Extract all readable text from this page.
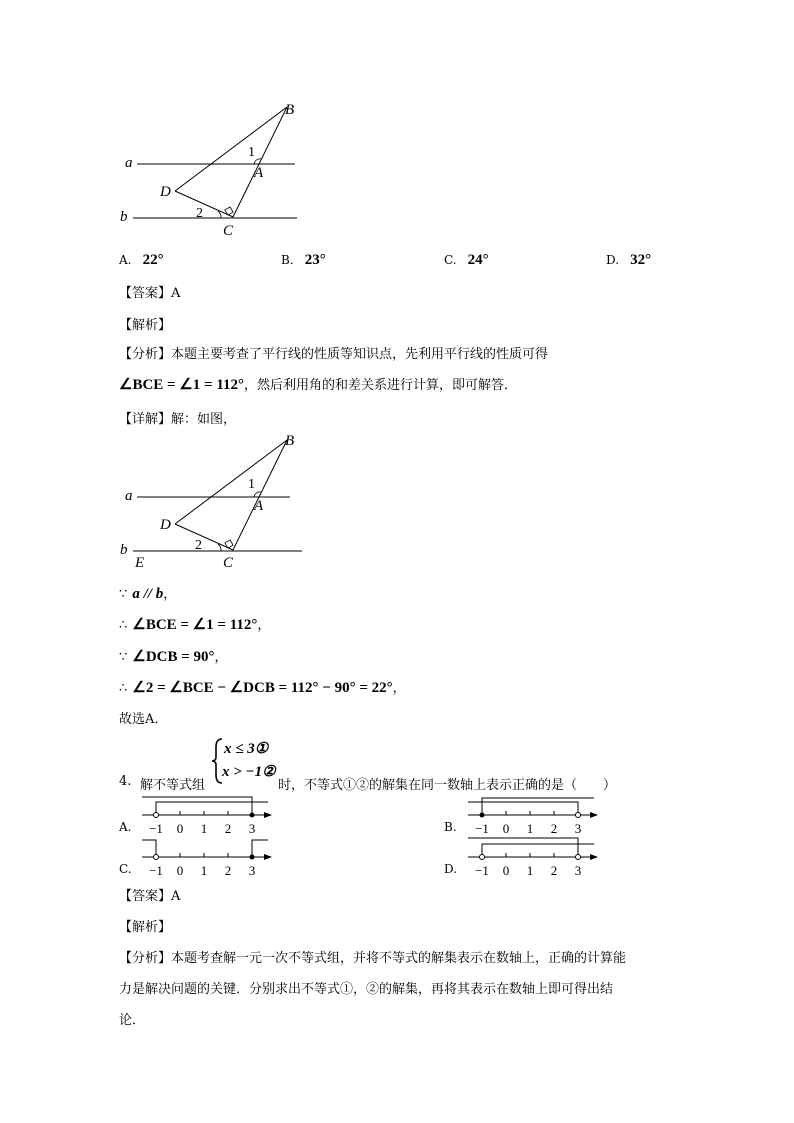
a
b
B
D
A
C
1
2
A. 22°	B. 23°	C. 24°	D. 32°
【答案】A
【解析】
【分析】本题主要考查了平行线的性质等知识点，先利用平行线的性质可得
∠BCE = ∠1 = 112°，然后利用角的和差关系进行计算，即可解答．
【详解】解：如图，
a
b
E
B
D
A
C
1
2
∵ a // b，
∴ ∠BCE = ∠1 = 112°，
∵ ∠DCB = 90°，
∴ ∠2 = ∠BCE − ∠DCB = 112° − 90° = 22°，
故选A．
4. 解不等式组
x ≤ 3①
x > −1②
时，不等式①②的解集在同一数轴上表示正确的是（　　）
A. −1 0 1 2 3	B. −1 0 1 2 3
C. −1 0 1 2 3	D. −1 0 1 2 3
【答案】A
【解析】
【分析】本题考查解一元一次不等式组，并将不等式的解集表示在数轴上，正确的计算能
力是解决问题的关键．分别求出不等式①，②的解集，再将其表示在数轴上即可得出结
论．
